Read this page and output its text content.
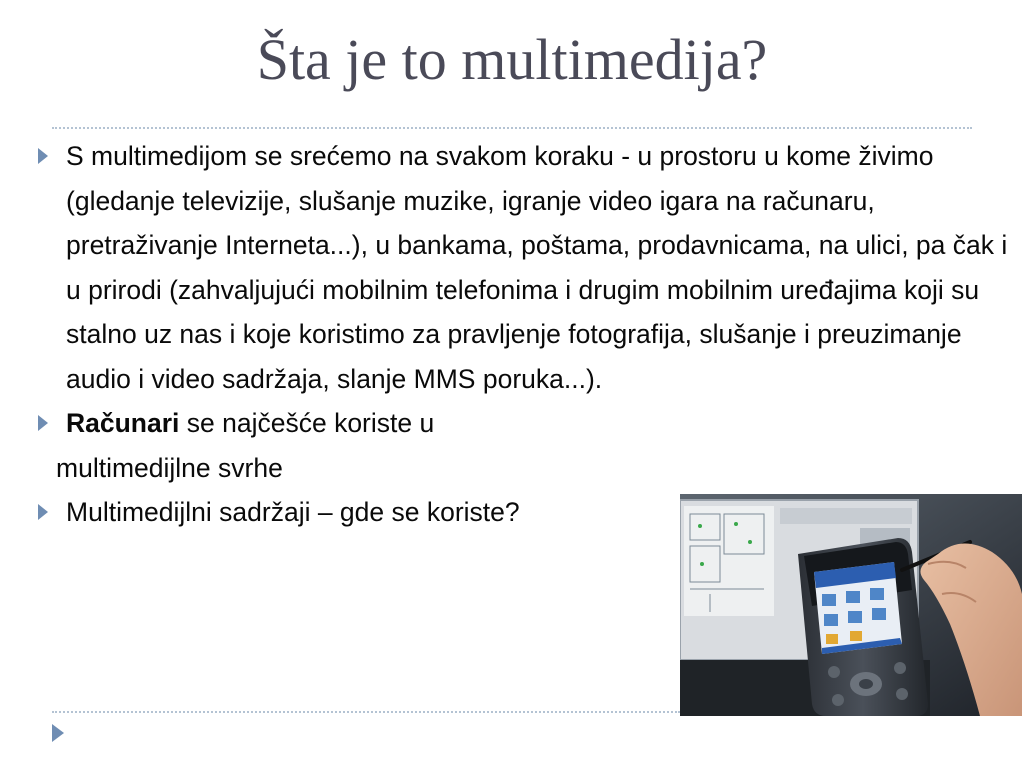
Šta je to multimedija?
S multimedijom se srećemo na svakom koraku - u prostoru u kome živimo (gledanje televizije, slušanje muzike, igranje video igara na računaru, pretraživanje Interneta...), u bankama, poštama, prodavnicama, na ulici, pa čak i u prirodi (zahvaljujući mobilnim telefonima i drugim mobilnim uređajima koji su stalno uz nas i koje koristimo za pravljenje fotografija, slušanje i preuzimanje audio i video sadržaja, slanje MMS poruka...).
Računari se najčešće koriste u
multimedijlne svrhe
Multimedijlni sadržaji – gde se koriste?
